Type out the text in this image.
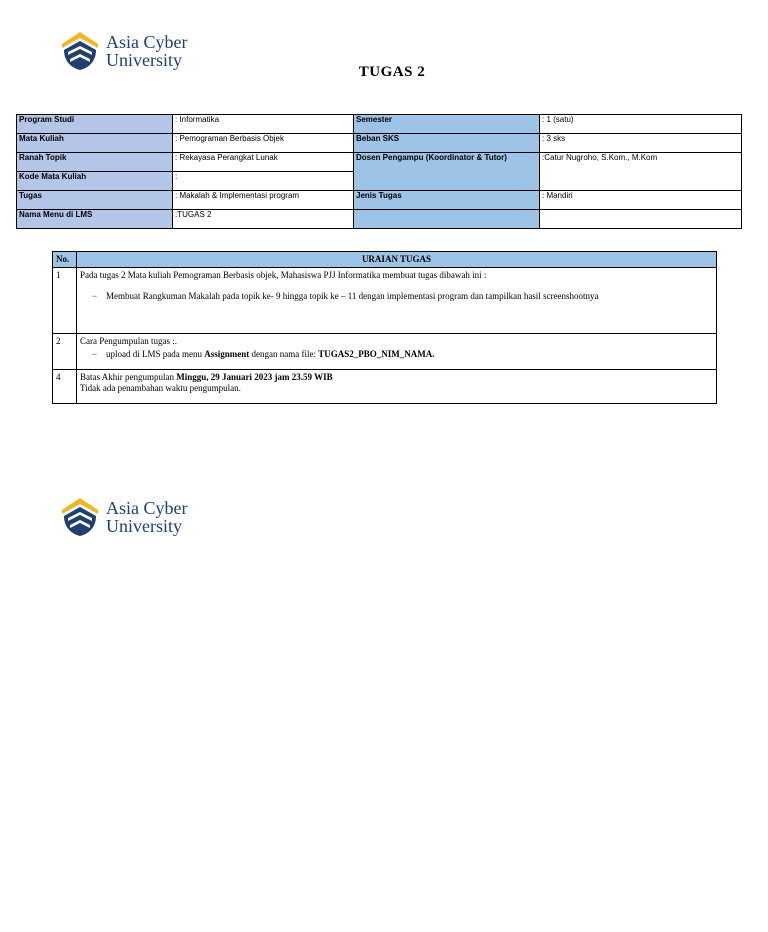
Asia Cyber
University
TUGAS 2
Program Studi	: Informatika	Semester	: 1 (satu)
Mata Kuliah	: Pemograman Berbasis Objek	Beban SKS	: 3 sks
Ranah Topik	: Rekayasa Perangkat Lunak	Dosen Pengampu (Koordinator & Tutor)	:Catur Nugroho, S.Kom., M.Kom
Kode Mata Kuliah	:		
Tugas	: Makalah & Implementasi program	Jenis Tugas	: Mandiri
Nama Menu di LMS	:TUGAS 2		
No.	URAIAN TUGAS
1	Pada tugas 2 Mata kuliah Pemograman Berbasis objek, Mahasiswa PJJ Informatika membuat tugas dibawah ini :
− Membuat Rangkuman Makalah pada topik ke- 9 hingga topik ke – 11 dengan implementasi program dan tampilkan hasil screenshootnya

2	Cara Pengumpulan tugas :.
− upload di LMS pada menu Assignment dengan nama file: TUGAS2_PBO_NIM_NAMA.

4	Batas Akhir pengumpulan Minggu, 29 Januari 2023 jam 23.59 WIB
Tidak ada penambahan waktu pengumpulan.
Asia Cyber
University
